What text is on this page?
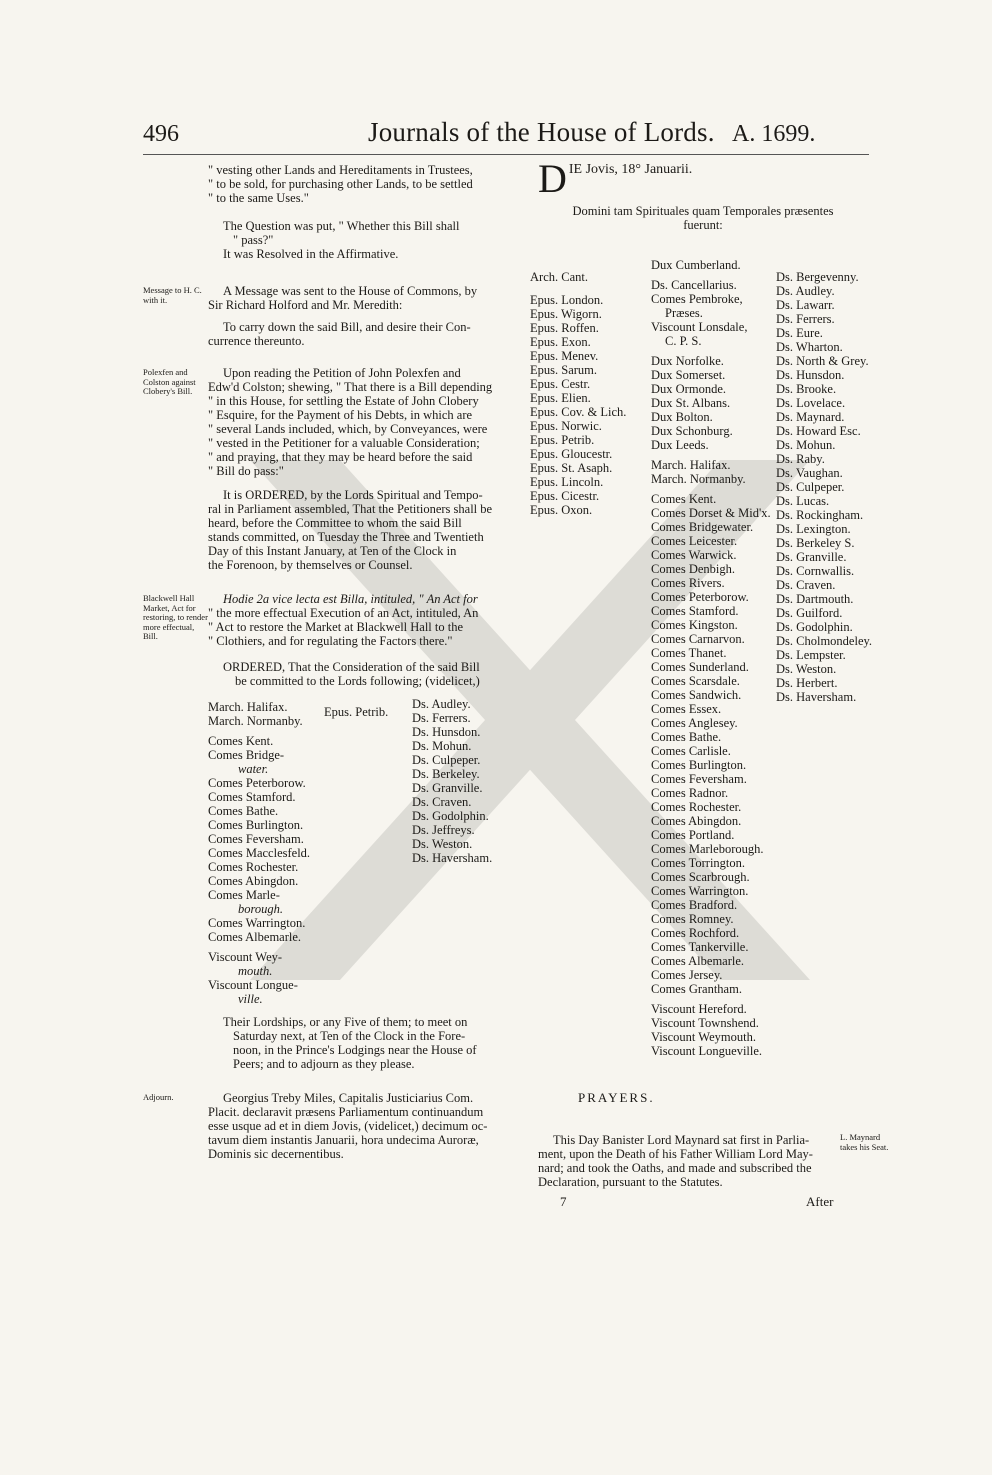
496	Journals of the House of Lords. A. 1699.
" vesting other Lands and Hereditaments in Trustees,
" to be sold, for purchasing other Lands, to be settled
" to the same Uses."
The Question was put, " Whether this Bill shall
" pass?"
It was Resolved in the Affirmative.
Message to H. C. with it.
A Message was sent to the House of Commons, by
Sir Richard Holford and Mr. Meredith:
To carry down the said Bill, and desire their Con-
currence thereunto.
Polexfen and Colston against Clobery's Bill.
Upon reading the Petition of John Polexfen and
Edw'd Colston; shewing, " That there is a Bill depending
" in this House, for settling the Estate of John Clobery
" Esquire, for the Payment of his Debts, in which are
" several Lands included, which, by Conveyances, were
" vested in the Petitioner for a valuable Consideration;
" and praying, that they may be heard before the said
" Bill do pass:"
It is ORDERED, by the Lords Spiritual and Tempo-
ral in Parliament assembled, That the Petitioners shall be
heard, before the Committee to whom the said Bill
stands committed, on Tuesday the Three and Twentieth
Day of this Instant January, at Ten of the Clock in
the Forenoon, by themselves or Counsel.
Blackwell Hall Market, Act for restoring, to render more effectual, Bill.
Hodie 2a vice lecta est Billa, intituled, " An Act for
" the more effectual Execution of an Act, intituled, An
" Act to restore the Market at Blackwell Hall to the
" Clothiers, and for regulating the Factors there."
ORDERED, That the Consideration of the said Bill
be committed to the Lords following; (videlicet,)
March. Halifax.
March. Normanby.
Comes Kent.
Comes Bridge-
water.
Comes Peterborow.
Comes Stamford.
Comes Bathe.
Comes Burlington.
Comes Feversham.
Comes Macclesfeld.
Comes Rochester.
Comes Abingdon.
Comes Marle-
borough.
Comes Warrington.
Comes Albemarle.
Viscount Wey-
mouth.
Viscount Longue-
ville.
Epus. Petrib.
Ds. Audley.
Ds. Ferrers.
Ds. Hunsdon.
Ds. Mohun.
Ds. Culpeper.
Ds. Berkeley.
Ds. Granville.
Ds. Craven.
Ds. Godolphin.
Ds. Jeffreys.
Ds. Weston.
Ds. Haversham.
Their Lordships, or any Five of them; to meet on
Saturday next, at Ten of the Clock in the Fore-
noon, in the Prince's Lodgings near the House of
Peers; and to adjourn as they please.
Adjourn.	Georgius Treby Miles, Capitalis Justiciarius Com.
Placit. declaravit præsens Parliamentum continuandum
esse usque ad et in diem Jovis, (videlicet,) decimum oc-
tavum diem instantis Januarii, hora undecima Auroræ,
Dominis sic decernentibus.
D IE Jovis, 18° Januarii.
Domini tam Spirituales quam Temporales præsentes
fuerunt:
Arch. Cant.
Epus. London.
Epus. Wigorn.
Epus. Roffen.
Epus. Exon.
Epus. Menev.
Epus. Sarum.
Epus. Cestr.
Epus. Elien.
Epus. Cov. & Lich.
Epus. Norwic.
Epus. Petrib.
Epus. Gloucestr.
Epus. St. Asaph.
Epus. Lincoln.
Epus. Cicestr.
Epus. Oxon.
Dux Cumberland.
Ds. Cancellarius.
Comes Pembroke,
Præses.
Viscount Lonsdale,
C. P. S.
Dux Norfolke.
Dux Somerset.
Dux Ormonde.
Dux St. Albans.
Dux Bolton.
Dux Schonburg.
Dux Leeds.
March. Halifax.
March. Normanby.
Comes Kent.
Comes Dorset & Mid'x.
Comes Bridgewater.
Comes Leicester.
Comes Warwick.
Comes Denbigh.
Comes Rivers.
Comes Peterborow.
Comes Stamford.
Comes Kingston.
Comes Carnarvon.
Comes Thanet.
Comes Sunderland.
Comes Scarsdale.
Comes Sandwich.
Comes Essex.
Comes Anglesey.
Comes Bathe.
Comes Carlisle.
Comes Burlington.
Comes Feversham.
Comes Radnor.
Comes Rochester.
Comes Abingdon.
Comes Portland.
Comes Marleborough.
Comes Torrington.
Comes Scarbrough.
Comes Warrington.
Comes Bradford.
Comes Romney.
Comes Rochford.
Comes Tankerville.
Comes Albemarle.
Comes Jersey.
Comes Grantham.
Viscount Hereford.
Viscount Townshend.
Viscount Weymouth.
Viscount Longueville.
Ds. Bergevenny.
Ds. Audley.
Ds. Lawarr.
Ds. Ferrers.
Ds. Eure.
Ds. Wharton.
Ds. North & Grey.
Ds. Hunsdon.
Ds. Brooke.
Ds. Lovelace.
Ds. Maynard.
Ds. Howard Esc.
Ds. Mohun.
Ds. Raby.
Ds. Vaughan.
Ds. Culpeper.
Ds. Lucas.
Ds. Rockingham.
Ds. Lexington.
Ds. Berkeley S.
Ds. Granville.
Ds. Cornwallis.
Ds. Craven.
Ds. Dartmouth.
Ds. Guilford.
Ds. Godolphin.
Ds. Cholmondeley.
Ds. Lempster.
Ds. Weston.
Ds. Herbert.
Ds. Haversham.
PRAYERS.
This Day Banister Lord Maynard sat first in Parlia-
ment, upon the Death of his Father William Lord May-
nard; and took the Oaths, and made and subscribed the
Declaration, pursuant to the Statutes.
L. Maynard takes his Seat.
7	After
